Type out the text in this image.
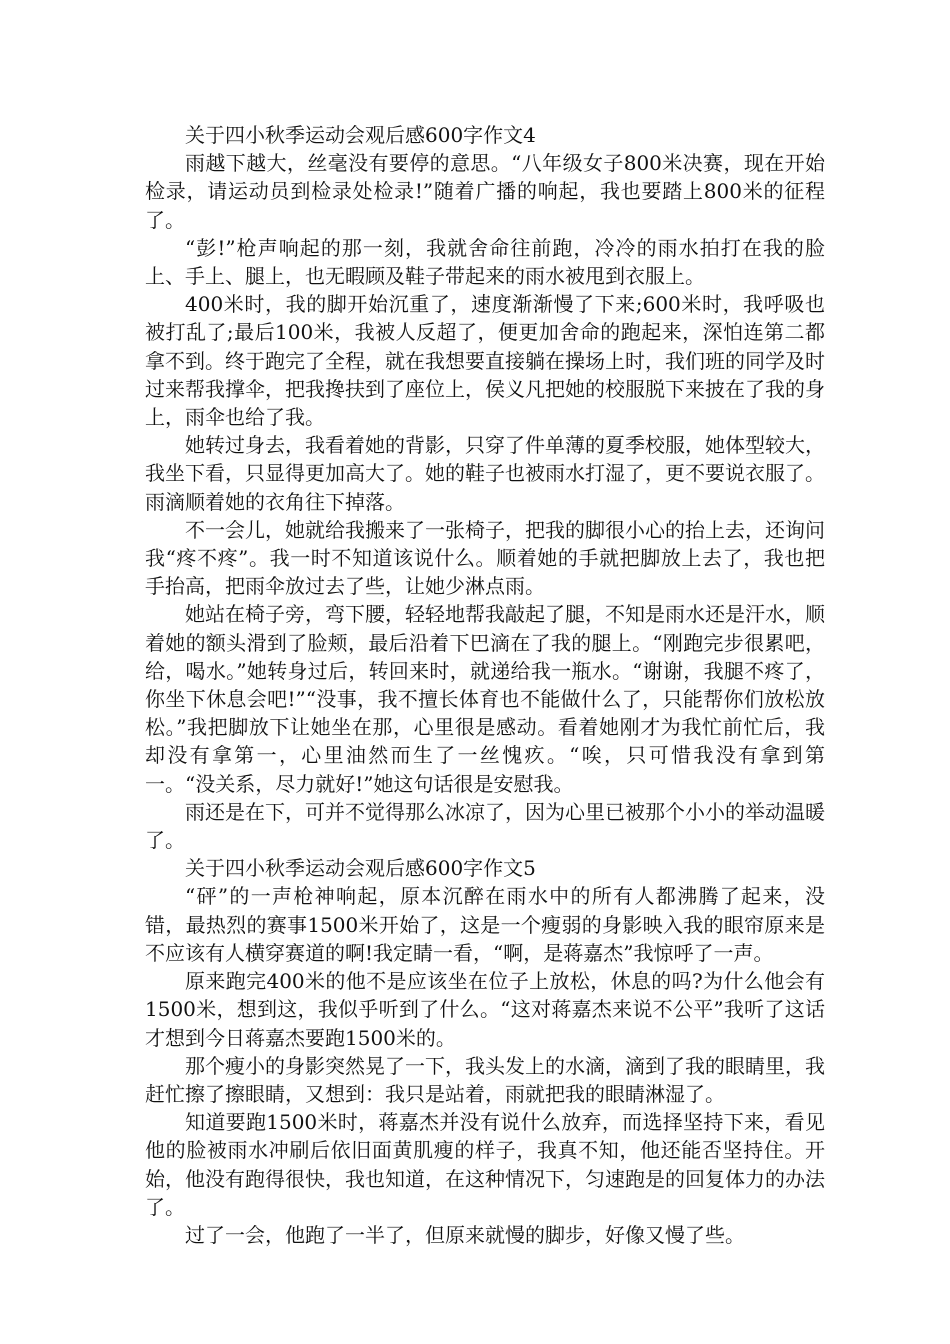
关于四小秋季运动会观后感600字作文4

雨越下越大，丝毫没有要停的意思。“八年级女子800米决赛，现在开始检录，请运动员到检录处检录!”随着广播的响起，我也要踏上800米的征程了。

“彭!”枪声响起的那一刻，我就舍命往前跑，冷冷的雨水拍打在我的脸上、手上、腿上，也无暇顾及鞋子带起来的雨水被甩到衣服上。

400米时，我的脚开始沉重了，速度渐渐慢了下来;600米时，我呼吸也被打乱了;最后100米，我被人反超了，便更加舍命的跑起来，深怕连第二都拿不到。终于跑完了全程，就在我想要直接躺在操场上时，我们班的同学及时过来帮我撑伞，把我搀扶到了座位上，侯义凡把她的校服脱下来披在了我的身上，雨伞也给了我。

她转过身去，我看着她的背影，只穿了件单薄的夏季校服，她体型较大，我坐下看，只显得更加高大了。她的鞋子也被雨水打湿了，更不要说衣服了。雨滴顺着她的衣角往下掉落。

不一会儿，她就给我搬来了一张椅子，把我的脚很小心的抬上去，还询问我“疼不疼”。我一时不知道该说什么。顺着她的手就把脚放上去了，我也把手抬高，把雨伞放过去了些，让她少淋点雨。

她站在椅子旁，弯下腰，轻轻地帮我敲起了腿，不知是雨水还是汗水，顺着她的额头滑到了脸颊，最后沿着下巴滴在了我的腿上。“刚跑完步很累吧，给，喝水。”她转身过后，转回来时，就递给我一瓶水。“谢谢，我腿不疼了，你坐下休息会吧!”“没事，我不擅长体育也不能做什么了，只能帮你们放松放松。”我把脚放下让她坐在那，心里很是感动。看着她刚才为我忙前忙后，我却没有拿第一，心里油然而生了一丝愧疚。“唉，只可惜我没有拿到第一。“没关系，尽力就好!”她这句话很是安慰我。

雨还是在下，可并不觉得那么冰凉了，因为心里已被那个小小的举动温暖了。

关于四小秋季运动会观后感600字作文5

“砰”的一声枪神响起，原本沉醉在雨水中的所有人都沸腾了起来，没错，最热烈的赛事1500米开始了，这是一个瘦弱的身影映入我的眼帘原来是不应该有人横穿赛道的啊!我定睛一看，“啊，是蒋嘉杰”我惊呼了一声。

原来跑完400米的他不是应该坐在位子上放松，休息的吗?为什么他会有1500米，想到这，我似乎听到了什么。“这对蒋嘉杰来说不公平”我听了这话才想到今日蒋嘉杰要跑1500米的。

那个瘦小的身影突然晃了一下，我头发上的水滴，滴到了我的眼睛里，我赶忙擦了擦眼睛，又想到：我只是站着，雨就把我的眼睛淋湿了。

知道要跑1500米时，蒋嘉杰并没有说什么放弃，而选择坚持下来，看见他的脸被雨水冲刷后依旧面黄肌瘦的样子，我真不知，他还能否坚持住。开始，他没有跑得很快，我也知道，在这种情况下，匀速跑是的回复体力的办法了。

过了一会，他跑了一半了，但原来就慢的脚步，好像又慢了些。
